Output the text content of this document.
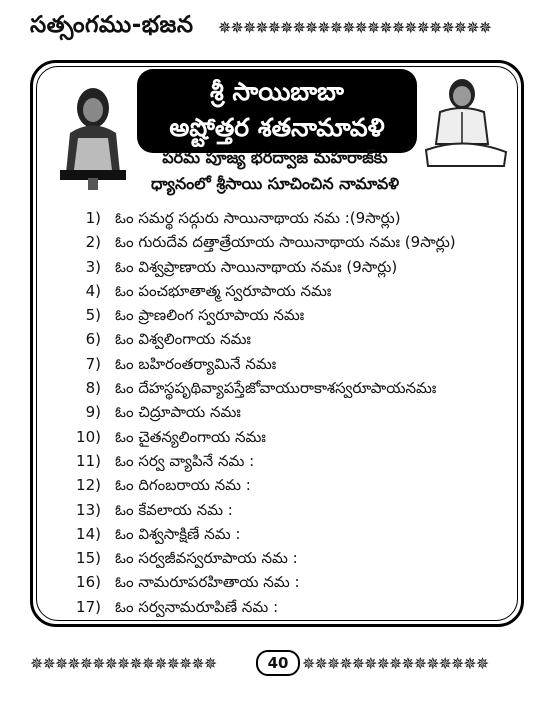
సత్సంగము-భజన ✵✵✵✵✵✵✵✵✵✵✵✵✵✵✵✵✵✵✵✵✵✵
శ్రీ సాయిబాబా
అష్టోత్తర శతనామావళి
పరమ పూజ్య భరద్వాజ మహరాజ్‌కు
ధ్యానంలో శ్రీసాయి సూచించిన నామావళి
1) ఓం సమర్థ సద్గురు సాయినాథాయ నమ :(9సార్లు)
2) ఓం గురుదేవ దత్తాత్రేయాయ సాయినాథాయ నమః (9సార్లు)
3) ఓం విశ్వప్రాణాయ సాయినాథాయ నమః (9సార్లు)
4) ఓం పంచభూతాత్మ స్వరూపాయ నమః
5) ఓం ప్రాణలింగ స్వరూపాయ నమః
6) ఓం విశ్వలింగాయ నమః
7) ఓం బహిరంతర్యామినే నమః
8) ఓం దేహస్థపృథివ్యాపస్తేజోవాయురాకాశస్వరూపాయనమః
9) ఓం చిద్రూపాయ నమః
10) ఓం చైతన్యలింగాయ నమః
11) ఓం సర్వ వ్యాపినే నమ :
12) ఓం దిగంబరాయ నమ :
13) ఓం కేవలాయ నమ :
14) ఓం విశ్వసాక్షిణే నమ :
15) ఓం సర్వజీవస్వరూపాయ నమ :
16) ఓం నామరూపరహితాయ నమ :
17) ఓం సర్వనామరూపిణే నమ :
✵✵✵✵✵✵✵✵✵✵✵✵✵✵✵	40 ✵✵✵✵✵✵✵✵✵✵✵✵✵✵✵
